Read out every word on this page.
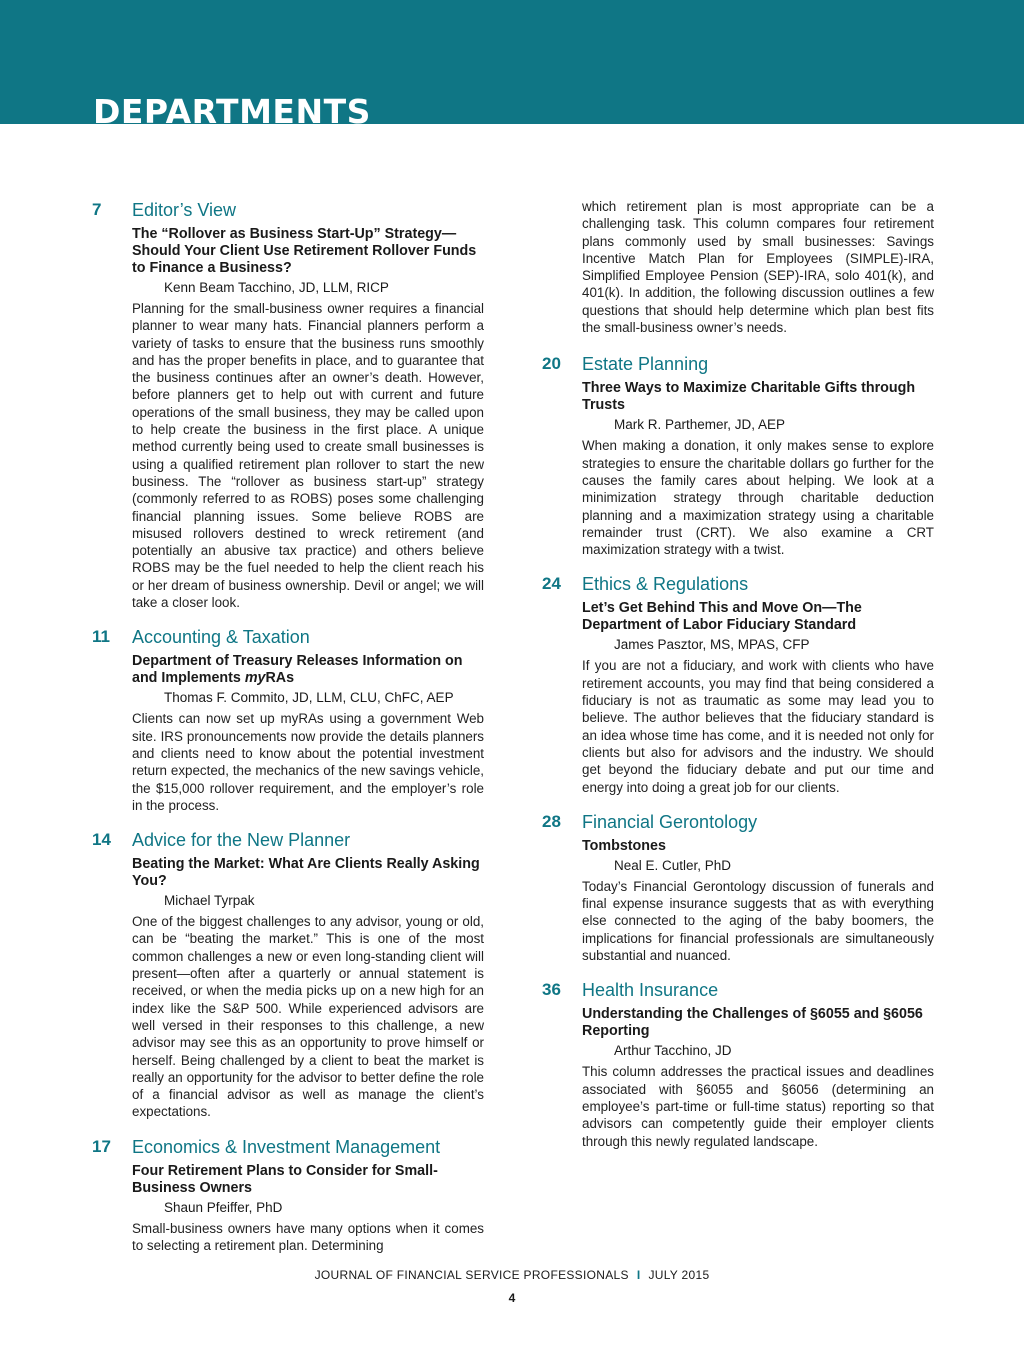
DEPARTMENTS
7 Editor’s View
The “Rollover as Business Start-Up” Strategy—Should Your Client Use Retirement Rollover Funds to Finance a Business?
Kenn Beam Tacchino, JD, LLM, RICP
Planning for the small-business owner requires a financial planner to wear many hats. Financial planners perform a variety of tasks to ensure that the business runs smoothly and has the proper benefits in place, and to guarantee that the business continues after an owner’s death. However, before planners get to help out with current and future operations of the small business, they may be called upon to help create the business in the first place. A unique method currently being used to create small businesses is using a qualified retirement plan rollover to start the new business. The “rollover as business start-up” strategy (commonly referred to as ROBS) poses some challenging financial planning issues. Some believe ROBS are misused rollovers destined to wreck retirement (and potentially an abusive tax practice) and others believe ROBS may be the fuel needed to help the client reach his or her dream of business ownership. Devil or angel; we will take a closer look.
11 Accounting & Taxation
Department of Treasury Releases Information on and Implements myRAs
Thomas F. Commito, JD, LLM, CLU, ChFC, AEP
Clients can now set up myRAs using a government Web site. IRS pronouncements now provide the details planners and clients need to know about the potential investment return expected, the mechanics of the new savings vehicle, the $15,000 rollover requirement, and the employer’s role in the process.
14 Advice for the New Planner
Beating the Market: What Are Clients Really Asking You?
Michael Tyrpak
One of the biggest challenges to any advisor, young or old, can be “beating the market.” This is one of the most common challenges a new or even long-standing client will present—often after a quarterly or annual statement is received, or when the media picks up on a new high for an index like the S&P 500. While experienced advisors are well versed in their responses to this challenge, a new advisor may see this as an opportunity to prove himself or herself. Being challenged by a client to beat the market is really an opportunity for the advisor to better define the role of a financial advisor as well as manage the client’s expectations.
17 Economics & Investment Management
Four Retirement Plans to Consider for Small-Business Owners
Shaun Pfeiffer, PhD
Small-business owners have many options when it comes to selecting a retirement plan. Determining
which retirement plan is most appropriate can be a challenging task. This column compares four retirement plans commonly used by small businesses: Savings Incentive Match Plan for Employees (SIMPLE)-IRA, Simplified Employee Pension (SEP)-IRA, solo 401(k), and 401(k). In addition, the following discussion outlines a few questions that should help determine which plan best fits the small-business owner’s needs.
20 Estate Planning
Three Ways to Maximize Charitable Gifts through Trusts
Mark R. Parthemer, JD, AEP
When making a donation, it only makes sense to explore strategies to ensure the charitable dollars go further for the causes the family cares about helping. We look at a minimization strategy through charitable deduction planning and a maximization strategy using a charitable remainder trust (CRT). We also examine a CRT maximization strategy with a twist.
24 Ethics & Regulations
Let’s Get Behind This and Move On—The Department of Labor Fiduciary Standard
James Pasztor, MS, MPAS, CFP
If you are not a fiduciary, and work with clients who have retirement accounts, you may find that being considered a fiduciary is not as traumatic as some may lead you to believe. The author believes that the fiduciary standard is an idea whose time has come, and it is needed not only for clients but also for advisors and the industry. We should get beyond the fiduciary debate and put our time and energy into doing a great job for our clients.
28 Financial Gerontology
Tombstones
Neal E. Cutler, PhD
Today’s Financial Gerontology discussion of funerals and final expense insurance suggests that as with everything else connected to the aging of the baby boomers, the implications for financial professionals are simultaneously substantial and nuanced.
36 Health Insurance
Understanding the Challenges of §6055 and §6056 Reporting
Arthur Tacchino, JD
This column addresses the practical issues and deadlines associated with §6055 and §6056 (determining an employee’s part-time or full-time status) reporting so that advisors can competently guide their employer clients through this newly regulated landscape.
JOURNAL OF FINANCIAL SERVICE PROFESSIONALS I JULY 2015
4
